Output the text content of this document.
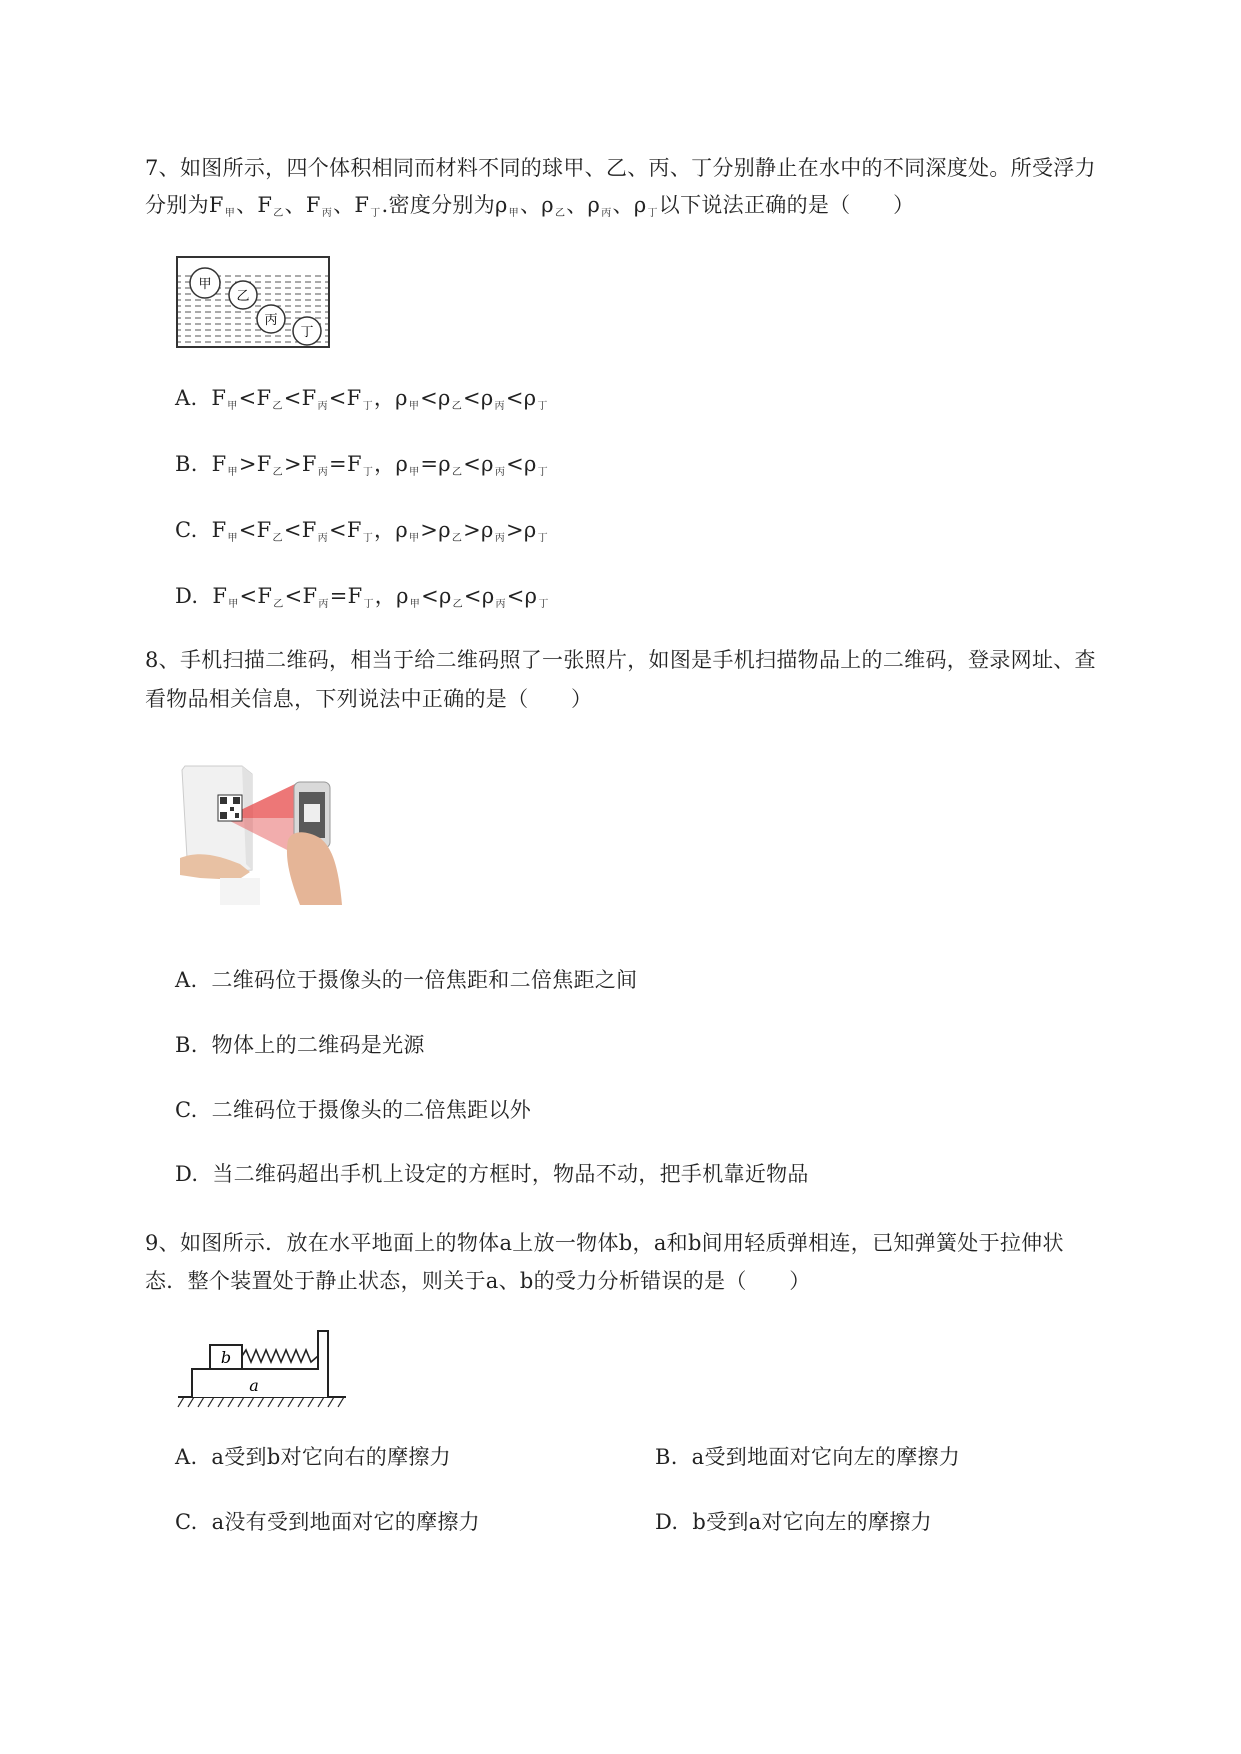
7、如图所示，四个体积相同而材料不同的球甲、乙、丙、丁分别静止在水中的不同深度处。所受浮力
分别为$F_甲$、$F_乙$、$F_丙$、$F_丁$.密度分别为$\rho_甲$、$\rho_乙$、$\rho_丙$、$\rho_丁$以下说法正确的是（　　）
甲
乙
丙
丁
A. $F_甲<F_乙<F_丙<F_丁$，$\rho_甲<\rho_乙<\rho_丙<\rho_丁$
B. $F_甲>F_乙>F_丙=F_丁$，$\rho_甲=\rho_乙<\rho_丙<\rho_丁$
C. $F_甲<F_乙<F_丙<F_丁$，$\rho_甲>\rho_乙>\rho_丙>\rho_丁$
D. $F_甲<F_乙<F_丙=F_丁$，$\rho_甲<\rho_乙<\rho_丙<\rho_丁$
8、手机扫描二维码，相当于给二维码照了一张照片，如图是手机扫描物品上的二维码，登录网址、查
看物品相关信息，下列说法中正确的是（　　）
A. 二维码位于摄像头的一倍焦距和二倍焦距之间
B. 物体上的二维码是光源
C. 二维码位于摄像头的二倍焦距以外
D. 当二维码超出手机上设定的方框时，物品不动，把手机靠近物品
9、如图所示．放在水平地面上的物体a上放一物体b，a和b间用轻质弹相连，已知弹簧处于拉伸状
态．整个装置处于静止状态，则关于a、b的受力分析错误的是（　　）
a
b
A. a受到b对它向右的摩擦力	B. a受到地面对它向左的摩擦力
C. a没有受到地面对它的摩擦力	D. b受到a对它向左的摩擦力
